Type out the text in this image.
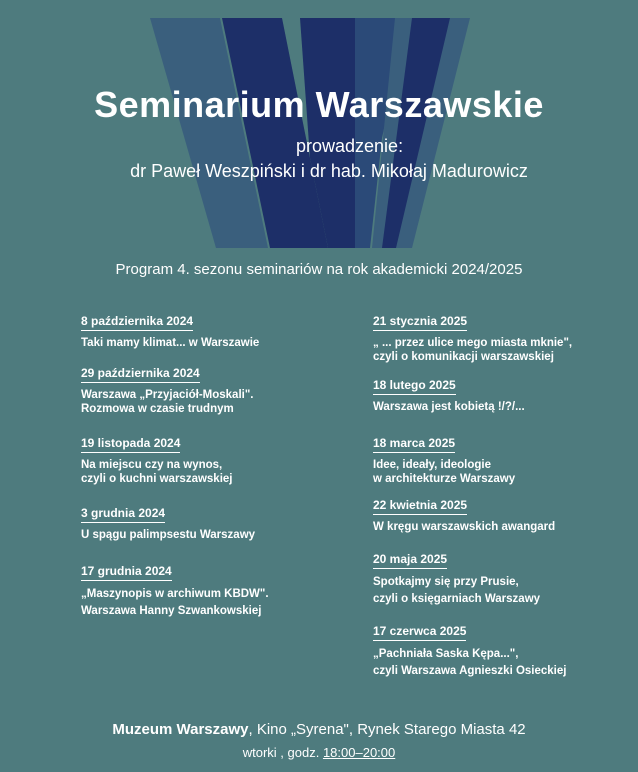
Seminarium Warszawskie
prowadzenie:
dr Paweł Weszpiński i dr hab. Mikołaj Madurowicz
Program 4. sezonu seminariów na rok akademicki 2024/2025
8 października 2024
Taki mamy klimat... w Warszawie
29 października 2024
Warszawa „Przyjaciół-Moskali".
Rozmowa w czasie trudnym
19 listopada 2024
Na miejscu czy na wynos,
czyli o kuchni warszawskiej
3 grudnia 2024
U spągu palimpsestu Warszawy
17 grudnia 2024
„Maszynopis w archiwum KBDW".
Warszawa Hanny Szwankowskiej
21 stycznia 2025
„ ... przez ulice mego miasta mknie",
czyli o komunikacji warszawskiej
18 lutego 2025
Warszawa jest kobietą !/?/...
18 marca 2025
Idee, ideały, ideologie
w architekturze Warszawy
22 kwietnia 2025
W kręgu warszawskich awangard
20 maja 2025
Spotkajmy się przy Prusie,
czyli o księgarniach Warszawy
17 czerwca 2025
„Pachniała Saska Kępa...",
czyli Warszawa Agnieszki Osieckiej
Muzeum Warszawy, Kino „Syrena", Rynek Starego Miasta 42
wtorki , godz. 18:00–20:00
